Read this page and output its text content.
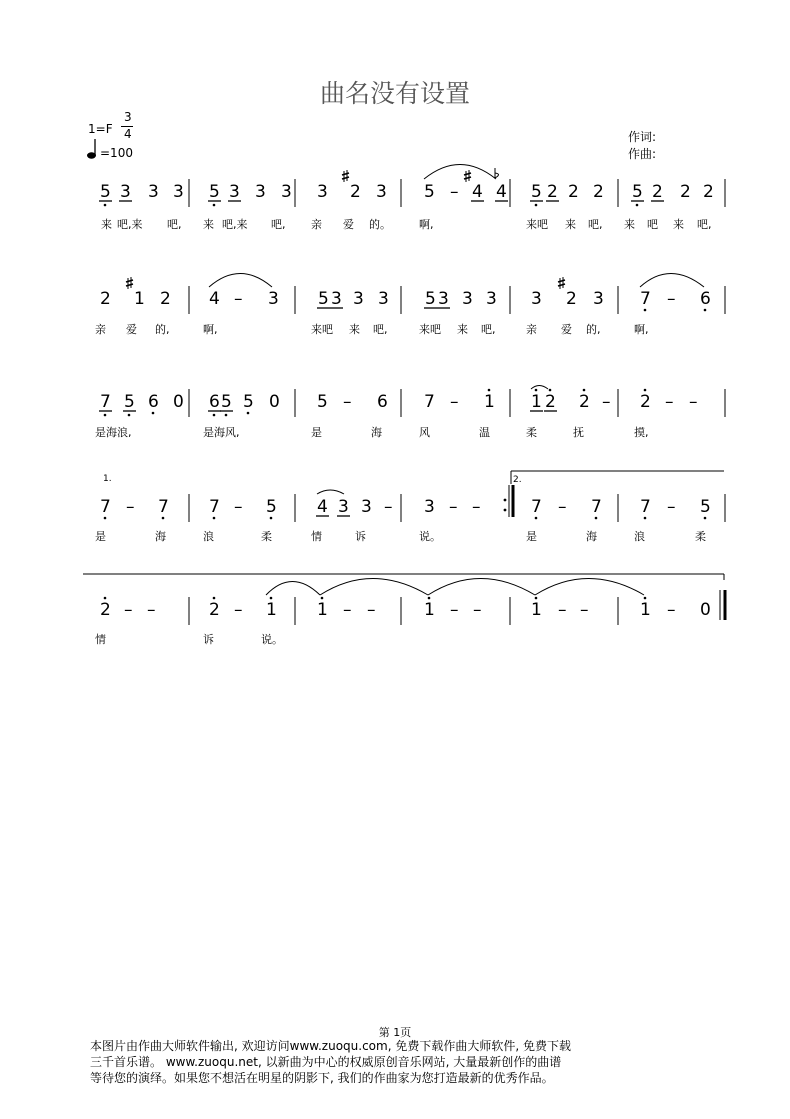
曲名没有设置
1=F
3
4
=100
作词:
作曲:
5 3 3 3 5 3 3 3 3 2 3 5 – 4 4 5 2 2 2 5 2 2 2
来 吧,来 吧, 来 吧,来 吧, 亲 爱 的。	啊,	来吧 来 吧, 来 吧 来 吧,
2 1 2 4 – 3 5 3 3 3 5 3 3 3 3 2 3 7 – 6
亲 爱 的,	啊,	来吧 来 吧,	来吧 来 吧,	亲 爱 的,	啊,
7 5 6 0 6 5 5 0 5 – 6 7 – 1 1 2 2 – 2 – –
是海浪,	是海风,	是	海	风	温	柔	抚	摸,
7 – 7 7 – 5 4 3 3 – 3 – –	7 – 7 7 – 5
是	海	浪	柔	情	诉	说。	是	海	浪	柔
2 – –	2 – 1 1 – –	1 – –	1 – –	1 – 0
情	诉	说。
1.	2.
第 1页
本图片由作曲大师软件输出, 欢迎访问www.zuoqu.com, 免费下载作曲大师软件, 免费下载
三千首乐谱。 www.zuoqu.net, 以新曲为中心的权威原创音乐网站, 大量最新创作的曲谱
等待您的演绎。如果您不想活在明星的阴影下, 我们的作曲家为您打造最新的优秀作品。
